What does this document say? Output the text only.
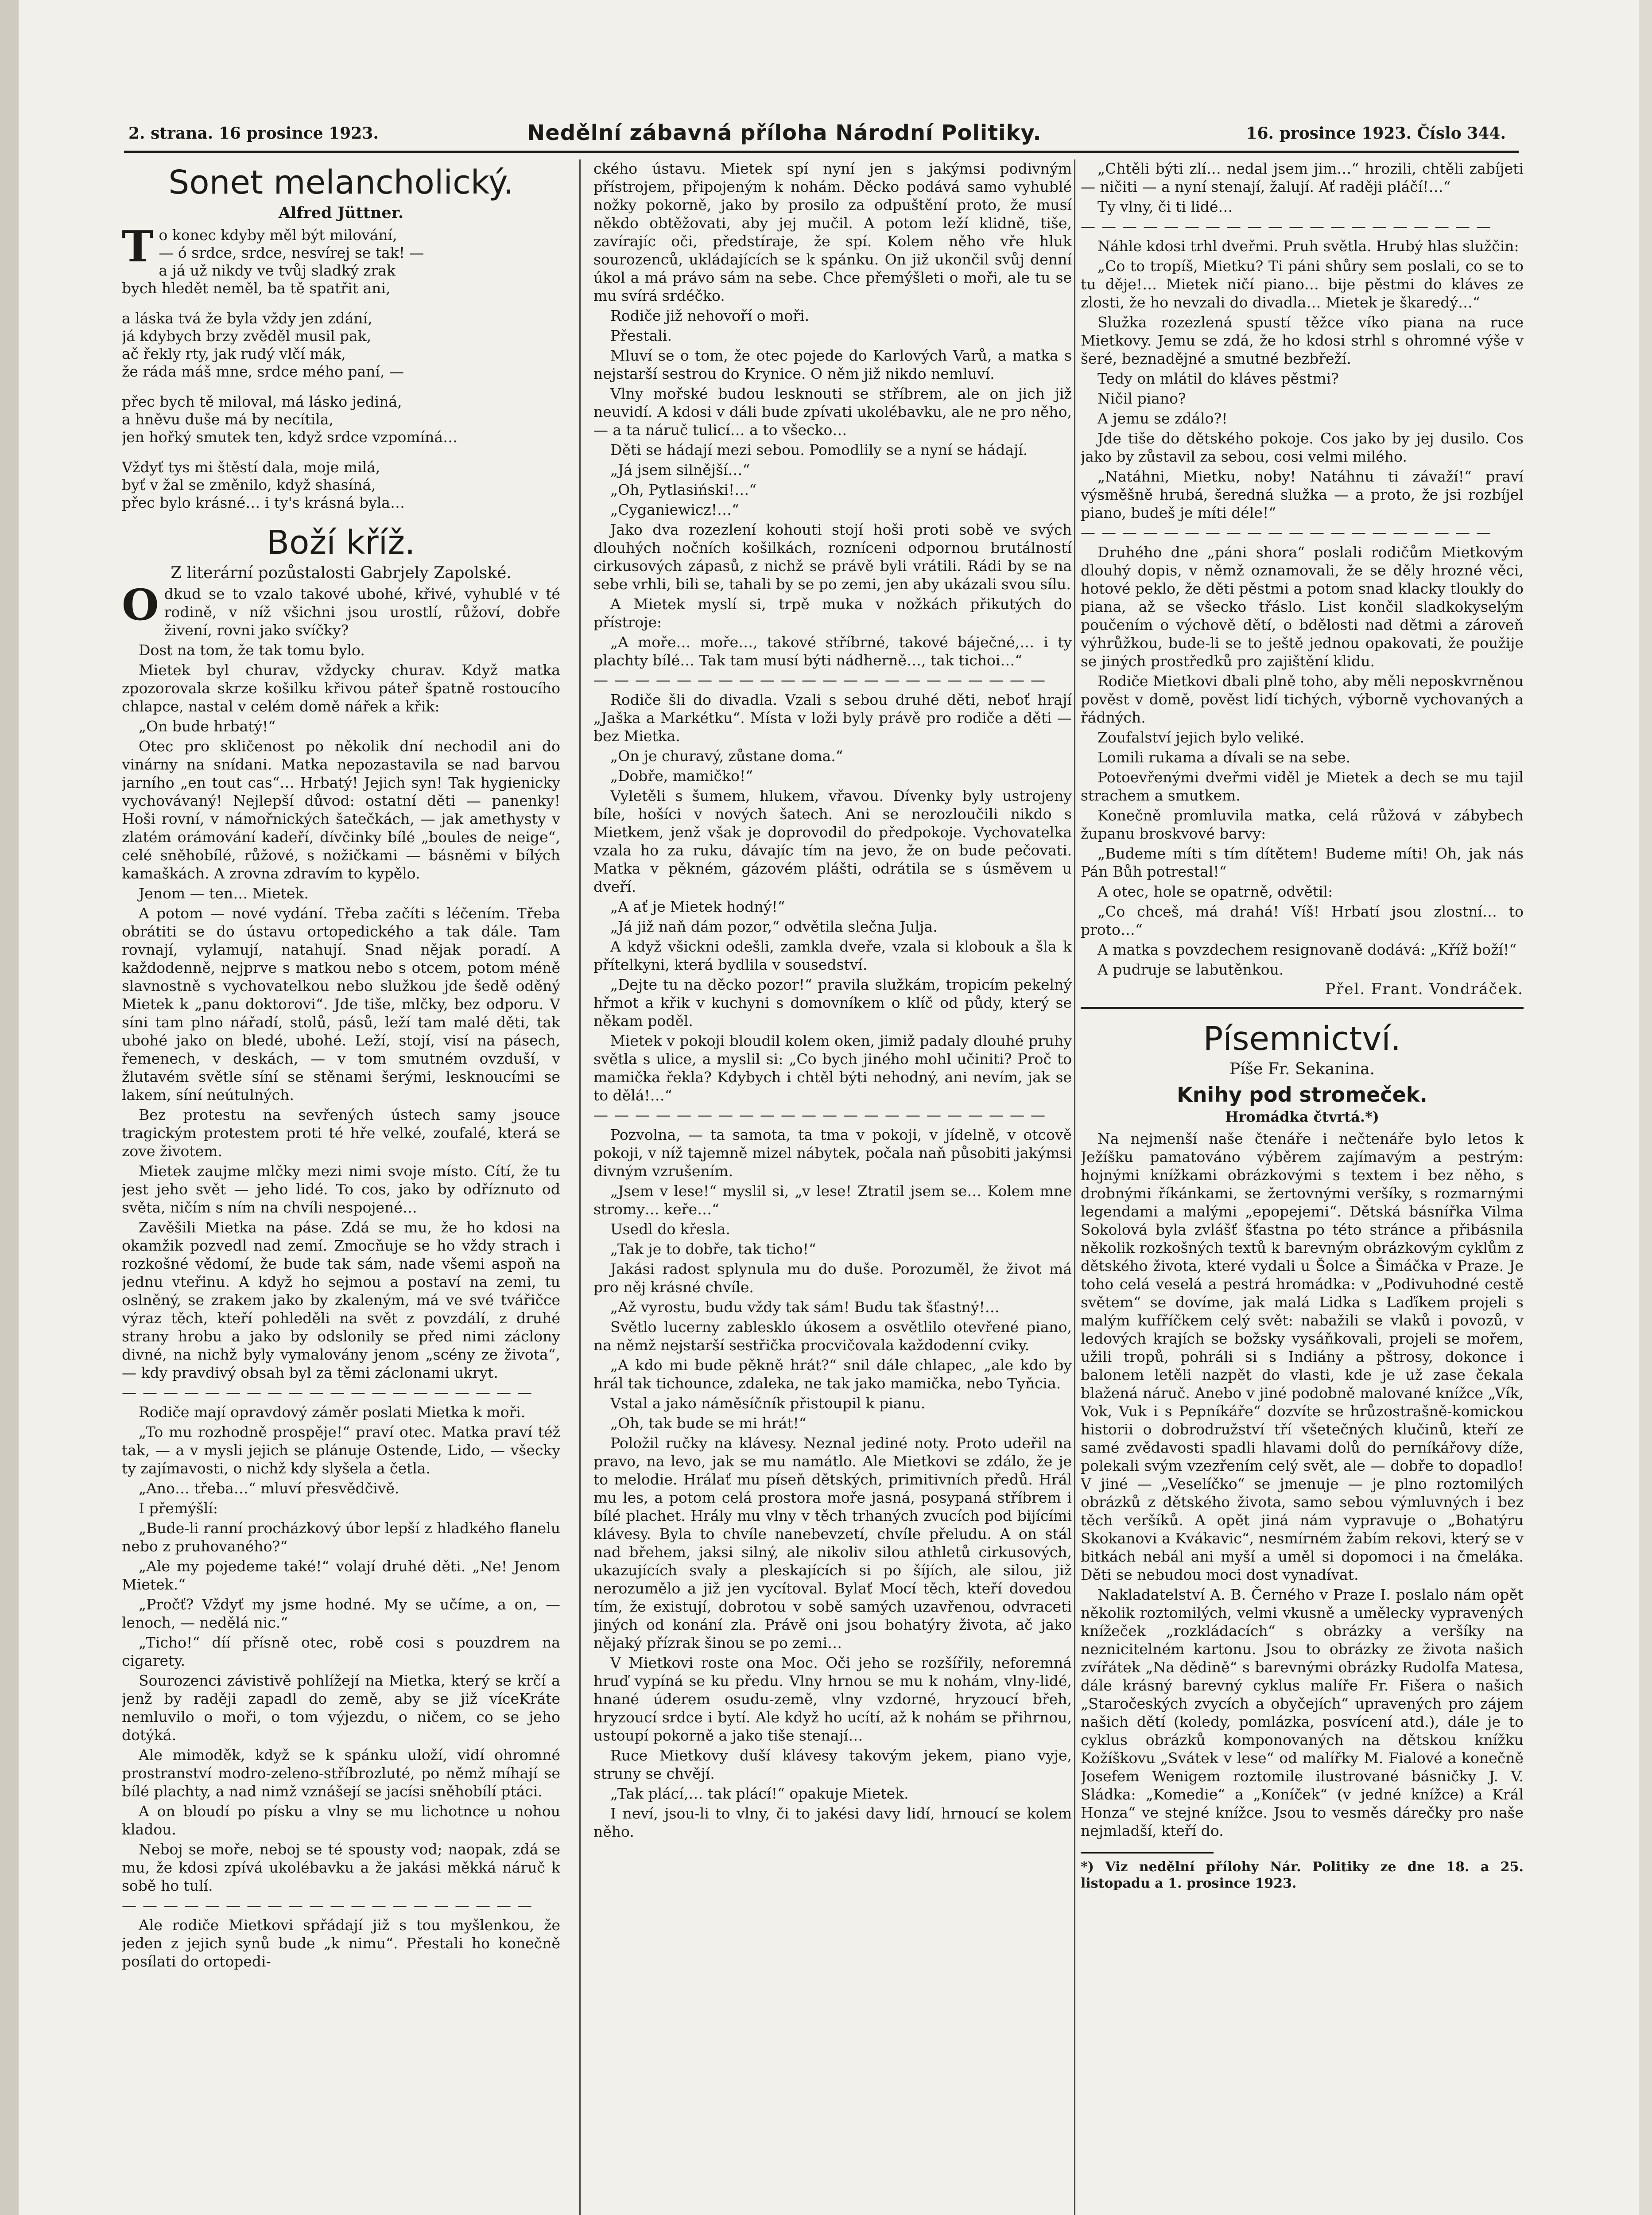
2. strana. 16 prosince 1923.	Nedělní zábavná příloha Národní Politiky.	16. prosince 1923. Číslo 344.
Sonet melancholický.
Alfred Jüttner.
T o konec kdyby měl být milování,
— ó srdce, srdce, nesvírej se tak! —
a já už nikdy ve tvůj sladký zrak
bych hledět neměl, ba tě spatřit ani,
a láska tvá že byla vždy jen zdání,
já kdybych brzy zvěděl musil pak,
ač řekly rty, jak rudý vlčí mák,
že ráda máš mne, srdce mého paní, —
přec bych tě miloval, má lásko jediná,
a hněvu duše má by necítila,
jen hořký smutek ten, když srdce vzpomíná…
Vždyť tys mi štěstí dala, moje milá,
byť v žal se změnilo, když shasíná,
přec bylo krásné… i ty's krásná byla…
Boží kříž.
Z literární pozůstalosti Gabrjely Zapolské.

Odkud se to vzalo takové ubohé, křivé, vyhublé v té rodině, v níž všichni jsou urostlí, růžoví, dobře živení, rovni jako svíčky?

Dost na tom, že tak tomu bylo.

Mietek byl churav, vždycky churav. Když matka zpozorovala skrze košilku křivou páteř špatně rostoucího chlapce, nastal v celém domě nářek a křik:

„On bude hrbatý!“

Otec pro skličenost po několik dní nechodil ani do vinárny na snídani. Matka nepozastavila se nad barvou jarního „en tout cas“… Hrbatý! Jejich syn! Tak hygienicky vychovávaný! Nejlepší důvod: ostatní děti — panenky! Hoši rovní, v námořnických šatečkách, — jak amethysty v zlatém orámování kadeří, dívčinky bílé „boules de neige“, celé sněhobílé, růžové, s nožičkami — básněmi v bílých kamaškách. A zrovna zdravím to kypělo.

Jenom — ten… Mietek.

A potom — nové vydání. Třeba začíti s léčením. Třeba obrátiti se do ústavu ortopedického a tak dále. Tam rovnají, vylamují, natahují. Snad nějak poradí. A každodenně, nejprve s matkou nebo s otcem, potom méně slavnostně s vychovatelkou nebo služkou jde šedě oděný Mietek k „panu doktorovi“. Jde tiše, mlčky, bez odporu. V síni tam plno nářadí, stolů, pásů, leží tam malé děti, tak ubohé jako on bledé, ubohé. Leží, stojí, visí na pásech, řemenech, v deskách, — v tom smutném ovzduší, v žlutavém světle síní se stěnami šerými, lesknoucími se lakem, síní neútulných.

Bez protestu na sevřených ústech samy jsouce tragickým protestem proti té hře velké, zoufalé, která se zove životem.

Mietek zaujme mlčky mezi nimi svoje místo. Cítí, že tu jest jeho svět — jeho lidé. To cos, jako by odříznuto od světa, ničím s ním na chvíli nespojené…

Zavěšili Mietka na páse. Zdá se mu, že ho kdosi na okamžik pozvedl nad zemí. Zmocňuje se ho vždy strach i rozkošné vědomí, že bude tak sám, nade všemi aspoň na jednu vteřinu. A když ho sejmou a postaví na zemi, tu oslněný, se zrakem jako by zkaleným, má ve své tvářičce výraz těch, kteří pohleděli na svět z povzdálí, z druhé strany hrobu a jako by odslonily se před nimi záclony divné, na nichž byly vymalovány jenom „scény ze života“, — kdy pravdivý obsah byl za těmi záclonami ukryt.

————————————————————

Rodiče mají opravdový záměr poslati Mietka k moři.

„To mu rozhodně prospěje!“ praví otec. Matka praví též tak, — a v mysli jejich se plánuje Ostende, Lido, — všecky ty zajímavosti, o nichž kdy slyšela a četla.

„Ano… třeba…“ mluví přesvědčivě.

I přemýšlí:

„Bude-li ranní procházkový úbor lepší z hladkého flanelu nebo z pruhovaného?“

„Ale my pojedeme také!“ volají druhé děti. „Ne! Jenom Mietek.“

„Pročť? Vždyť my jsme hodné. My se učíme, a on, — lenoch, — nedělá nic.“

„Ticho!“ díí přísně otec, robě cosi s pouzdrem na cigarety.

Sourozenci závistivě pohlížejí na Mietka, který se krčí a jenž by raději zapadl do země, aby se již víceKráte nemluvilo o moři, o tom výjezdu, o ničem, co se jeho dotýká.

Ale mimoděk, když se k spánku uloží, vidí ohromné prostranství modro-zeleno-stříbrozluté, po němž míhají se bílé plachty, a nad nimž vznášejí se jacísi sněhobílí ptáci.

A on bloudí po písku a vlny se mu lichotnce u nohou kladou.

Neboj se moře, neboj se té spousty vod; naopak, zdá se mu, že kdosi zpívá ukolébavku a že jakási měkká náruč k sobě ho tulí.

————————————————————

Ale rodiče Mietkovi spřádají již s tou myšlenkou, že jeden z jejich synů bude „k nimu“. Přestali ho konečně posílati do ortopedi-

ckého ústavu. Mietek spí nyní jen s jakýmsi podivným přístrojem, připojeným k nohám. Děcko podává samo vyhublé nožky pokorně, jako by prosilo za odpuštění proto, že musí někdo obtěžovati, aby jej mučil. A potom leží klidně, tiše, zavírajíc oči, předstíraje, že spí. Kolem něho vře hluk sourozenců, ukládajících se k spánku. On již ukončil svůj denní úkol a má právo sám na sebe. Chce přemýšleti o moři, ale tu se mu svírá srdéčko.

Rodiče již nehovoří o moři.

Přestali.

Mluví se o tom, že otec pojede do Karlových Varů, a matka s nejstarší sestrou do Krynice. O něm již nikdo nemluví.

Vlny mořské budou lesknouti se stříbrem, ale on jich již neuvidí. A kdosi v dáli bude zpívati ukolébavku, ale ne pro něho, — a ta náruč tulicí… a to všecko…

Děti se hádají mezi sebou. Pomodlily se a nyní se hádají.

„Já jsem silnější…“

„Oh, Pytlasiński!…“

„Cyganiewicz!…“

Jako dva rozezlení kohouti stojí hoši proti sobě ve svých dlouhých nočních košilkách, rozníceni odpornou brutálností cirkusových zápasů, z nichž se právě byli vrátili. Rádi by se na sebe vrhli, bili se, tahali by se po zemi, jen aby ukázali svou sílu.

A Mietek myslí si, trpě muka v nožkách přikutých do přístroje:

„A moře… moře…, takové stříbrné, takové báječné,… i ty plachty bílé… Tak tam musí býti nádherně…, tak tichoi…“

——————————————————————

Rodiče šli do divadla. Vzali s sebou druhé děti, neboť hrají „Jaška a Markétku“. Místa v loži byly právě pro rodiče a děti — bez Mietka.

„On je churavý, zůstane doma.“

„Dobře, mamičko!“

Vyletěli s šumem, hlukem, vřavou. Dívenky byly ustrojeny bíle, hošíci v nových šatech. Ani se nerozloučili nikdo s Mietkem, jenž však je doprovodil do předpokoje. Vychovatelka vzala ho za ruku, dávajíc tím na jevo, že on bude pečovati. Matka v pěkném, gázovém plášti, odrátila se s úsměvem u dveří.

„A ať je Mietek hodný!“

„Já již naň dám pozor,“ odvětila slečna Julja.

A když všickni odešli, zamkla dveře, vzala si klobouk a šla k přítelkyni, která bydlila v sousedství.

„Dejte tu na děcko pozor!“ pravila služkám, tropicím pekelný hřmot a křik v kuchyni s domovníkem o klíč od půdy, který se někam poděl.

Mietek v pokoji bloudil kolem oken, jimiž padaly dlouhé pruhy světla s ulice, a myslil si: „Co bych jiného mohl učiniti? Proč to mamička řekla? Kdybych i chtěl býti nehodný, ani nevím, jak se to dělá!…“

——————————————————————

Pozvolna, — ta samota, ta tma v pokoji, v jídelně, v otcově pokoji, v níž tajemně mizel nábytek, počala naň působiti jakýmsi divným vzrušením.

„Jsem v lese!“ myslil si, „v lese! Ztratil jsem se… Kolem mne stromy… keře…“

Usedl do křesla.

„Tak je to dobře, tak ticho!“

Jakási radost splynula mu do duše. Porozuměl, že život má pro něj krásné chvíle.

„Až vyrostu, budu vždy tak sám! Budu tak šťastný!…

Světlo lucerny zablesklo úkosem a osvětlilo otevřené piano, na němž nejstarší sestřička procvičovala každodenní cviky.

„A kdo mi bude pěkně hrát?“ snil dále chlapec, „ale kdo by hrál tak tichounce, zdaleka, ne tak jako mamička, nebo Tyňcia.

Vstal a jako náměsíčník přistoupil k pianu.

„Oh, tak bude se mi hrát!“

Položil ručky na klávesy. Neznal jediné noty. Proto udeřil na pravo, na levo, jak se mu namátlo. Ale Mietkovi se zdálo, že je to melodie. Hrálať mu píseň dětských, primitivních předů. Hrál mu les, a potom celá prostora moře jasná, posypaná stříbrem i bílé plachet. Hrály mu vlny v těch trhaných zvucích pod bijícími klávesy. Byla to chvíle nanebevzetí, chvíle přeludu. A on stál nad břehem, jaksi silný, ale nikoliv silou athletů cirkusových, ukazujících svaly a pleskajících si po šíjích, ale silou, již nerozumělo a již jen vycítoval. Bylať Mocí těch, kteří dovedou tím, že existují, dobrotou v sobě samých uzavřenou, odvraceti jiných od konání zla. Právě oni jsou bohatýry života, ač jako nějaký přízrak šinou se po zemi…

V Mietkovi roste ona Moc. Oči jeho se rozšířily, neforemná hruď vypíná se ku předu. Vlny hrnou se mu k nohám, vlny-lidé, hnané úderem osudu-země, vlny vzdorné, hryzoucí břeh, hryzoucí srdce i bytí. Ale když ho ucítí, až k nohám se přihrnou, ustoupí pokorně a jako tiše stenají…

Ruce Mietkovy duší klávesy takovým jekem, piano vyje, struny se chvějí.

„Tak plácí,… tak plácí!“ opakuje Mietek.

I neví, jsou-li to vlny, či to jakési davy lidí, hrnoucí se kolem něho.

„Chtěli býti zlí… nedal jsem jim…“ hrozili, chtěli zabíjeti — ničiti — a nyní stenají, žalují. Ať raději pláčí!…“

Ty vlny, či ti lidé…

————————————————————

Náhle kdosi trhl dveřmi. Pruh světla. Hrubý hlas služčin:

„Co to tropíš, Mietku? Ti páni shůry sem poslali, co se to tu děje!… Mietek ničí piano… bije pěstmi do kláves ze zlosti, že ho nevzali do divadla… Mietek je škaredý…“

Služka rozezlená spustí těžce víko piana na ruce Mietkovy. Jemu se zdá, že ho kdosi strhl s ohromné výše v šeré, beznadějné a smutné bezbřeží.

Tedy on mlátil do kláves pěstmi?

Ničil piano?

A jemu se zdálo?!

Jde tiše do dětského pokoje. Cos jako by jej dusilo. Cos jako by zůstavil za sebou, cosi velmi milého.

„Natáhni, Mietku, noby! Natáhnu ti závaží!“ praví výsměšně hrubá, šeredná služka — a proto, že jsi rozbíjel piano, budeš je míti déle!“

————————————————————

Druhého dne „páni shora“ poslali rodičům Mietkovým dlouhý dopis, v němž oznamovali, že se děly hrozné věci, hotové peklo, že děti pěstmi a potom snad klacky tloukly do piana, až se všecko třáslo. List končil sladkokyselým poučením o výchově dětí, o bdělosti nad dětmi a zároveň výhrůžkou, bude-li se to ještě jednou opakovati, že použije se jiných prostředků pro zajištění klidu.

Rodiče Mietkovi dbali plně toho, aby měli neposkvrněnou pověst v domě, pověst lidí tichých, výborně vychovaných a řádných.

Zoufalství jejich bylo veliké.

Lomili rukama a dívali se na sebe.

Potoevřenými dveřmi viděl je Mietek a dech se mu tajil strachem a smutkem.

Konečně promluvila matka, celá růžová v zábybech županu broskvové barvy:

„Budeme míti s tím dítětem! Budeme míti! Oh, jak nás Pán Bůh potrestal!“

A otec, hole se opatrně, odvětil:

„Co chceš, má drahá! Víš! Hrbatí jsou zlostní… to proto…“

A matka s povzdechem resignovaně dodává: „Kříž boží!“

A pudruje se labutěnkou.

Přel. Frant. Vondráček.
Písemnictví.
Píše Fr. Sekanina.
Knihy pod stromeček.
Hromádka čtvrtá.*)

Na nejmenší naše čtenáře i nečtenáře bylo letos k Ježíšku pamatováno výběrem zajímavým a pestrým: hojnými knížkami obrázkovými s textem i bez něho, s drobnými říkánkami, se žertovnými veršíky, s rozmarnými legendami a malými „epopejemi“. Dětská básnířka Vilma Sokolová byla zvlášť šťastna po této stránce a přibásnila několik rozkošných textů k barevným obrázkovým cyklům z dětského života, které vydali u Šolce a Šimáčka v Praze. Je toho celá veselá a pestrá hromádka: v „Podivuhodné cestě světem“ se dovíme, jak malá Lidka s Laďíkem projeli s malým kufříčkem celý svět: nabažili se vlaků i povozů, v ledových krajích se božsky vysáňkovali, projeli se mořem, užili tropů, pohráli si s Indiány a pštrosy, dokonce i balonem letěli nazpět do vlasti, kde je už zase čekala blažená náruč. Anebo v jiné podobně malované knížce „Vík, Vok, Vuk i s Pepníkáře“ dozvíte se hrůzostrašně-komickou historii o dobrodružství tří všetečných klučinů, kteří ze samé zvědavosti spadli hlavami dolů do perníkářovy díže, polekali svým vzezřením celý svět, ale — dobře to dopadlo! V jiné — „Veselíčko“ se jmenuje — je plno roztomilých obrázků z dětského života, samo sebou výmluvných i bez těch veršíků. A opět jiná nám vypravuje o „Bohatýru Skokanovi a Kvákavic“, nesmírném žabím rekovi, který se v bitkách nebál ani myší a uměl si dopomoci i na čmeláka. Děti se nebudou moci dost vynadívat.

Nakladatelství A. B. Černého v Praze I. poslalo nám opět několik roztomilých, velmi vkusně a umělecky vypravených knížeček „rozkládacích“ s obrázky a veršíky na neznicitelném kartonu. Jsou to obrázky ze života našich zvířátek „Na dědině“ s barevnými obrázky Rudolfa Matesa, dále krásný barevný cyklus malíře Fr. Fišera o našich „Staročeských zvycích a obyčejích“ upravených pro zájem našich dětí (koledy, pomlázka, posvícení atd.), dále je to cyklus obrázků komponovaných na dětskou knížku Kožíškovu „Svátek v lese“ od malířky M. Fialové a konečně Josefem Wenigem roztomile ilustrované básničky J. V. Sládka: „Komedie“ a „Koníček“ (v jedné knížce) a Král Honza“ ve stejné knížce. Jsou to vesměs dárečky pro naše nejmladší, kteří do.

*) Viz nedělní přílohy Nár. Politiky ze dne 18. a 25. listopadu a 1. prosince 1923.
